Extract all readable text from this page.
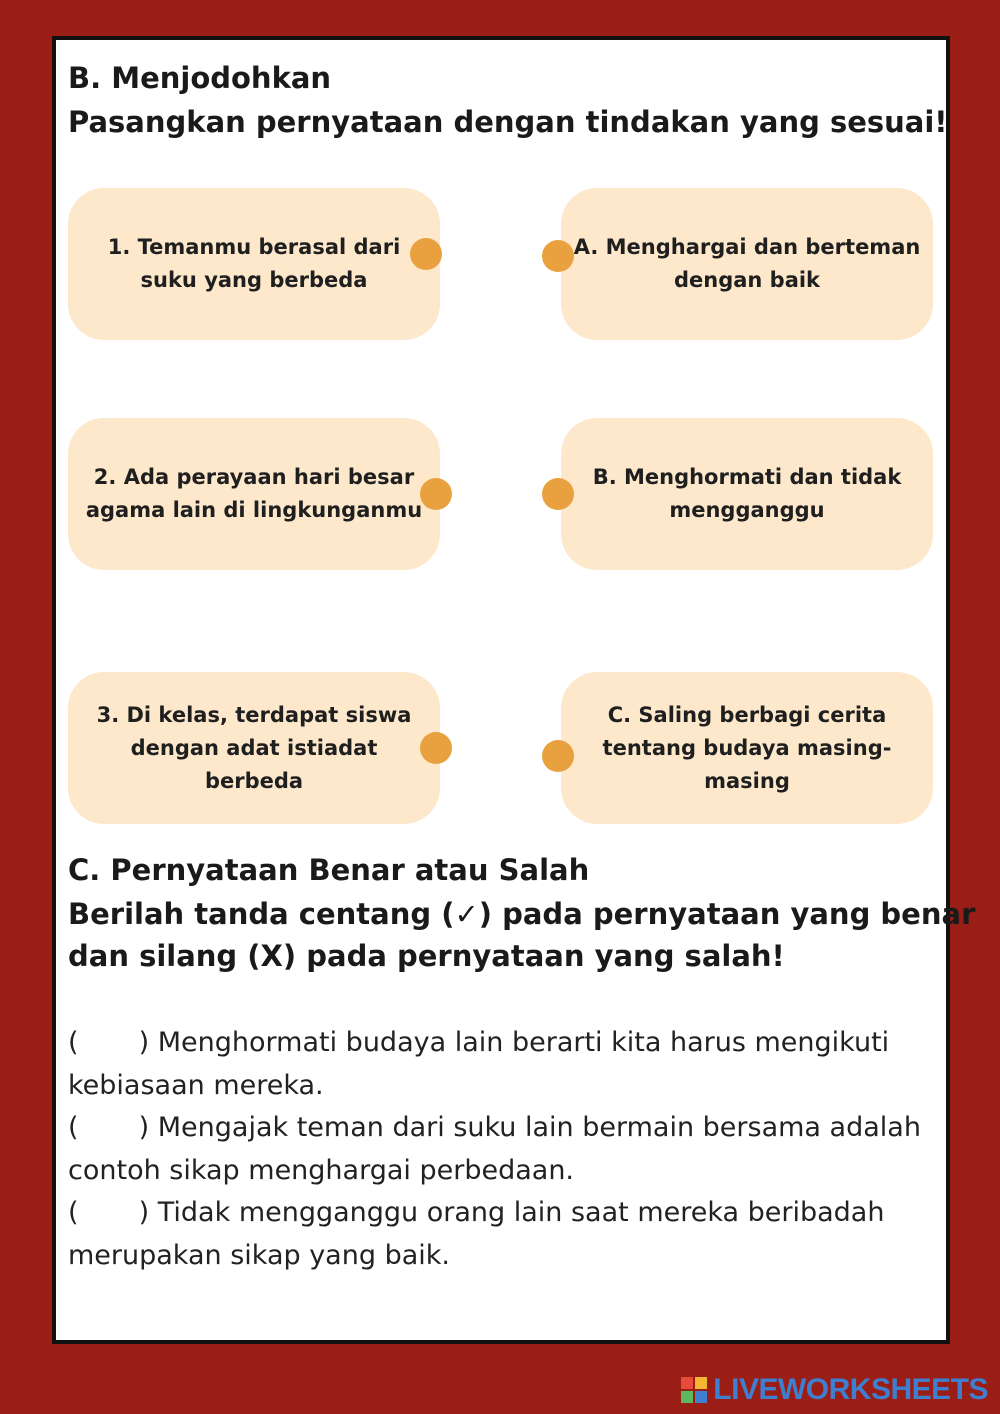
B. Menjodohkan
Pasangkan pernyataan dengan tindakan yang sesuai!
1. Temanmu berasal dari suku yang berbeda
A. Menghargai dan berteman dengan baik
2. Ada perayaan hari besar agama lain di lingkunganmu
B. Menghormati dan tidak mengganggu
3. Di kelas, terdapat siswa dengan adat istiadat berbeda
C. Saling berbagi cerita tentang budaya masing-masing
C. Pernyataan Benar atau Salah
Berilah tanda centang (✓) pada pernyataan yang benar
dan silang (X) pada pernyataan yang salah!

(       ) Menghormati budaya lain berarti kita harus mengikuti kebiasaan mereka.

(       ) Mengajak teman dari suku lain bermain bersama adalah contoh sikap menghargai perbedaan.

(       ) Tidak mengganggu orang lain saat mereka beribadah merupakan sikap yang baik.

LIVEWORKSHEETS
